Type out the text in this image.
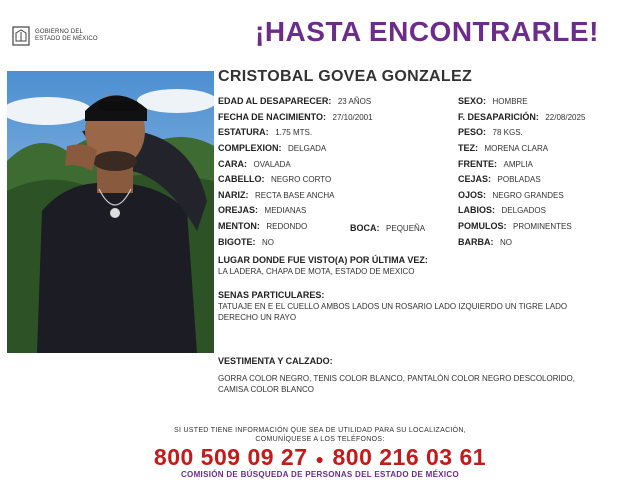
GOBIERNO DEL
ESTADO DE MÉXICO	¡HASTA ENCONTRARLE!
CRISTOBAL GOVEA GONZALEZ
EDAD AL DESAPARECER: 23 AÑOS
FECHA DE NACIMIENTO: 27/10/2001
ESTATURA: 1.75 MTS.
COMPLEXION: DELGADA
CARA: OVALADA
CABELLO: NEGRO CORTO
NARIZ: RECTA BASE ANCHA
OREJAS: MEDIANAS
MENTON: REDONDO	BOCA: PEQUEÑA
BIGOTE: NO
SEXO: HOMBRE
F. DESAPARICIÓN: 22/08/2025
PESO: 78 KGS.
TEZ: MORENA CLARA
FRENTE: AMPLIA
CEJAS: POBLADAS
OJOS: NEGRO GRANDES
LABIOS: DELGADOS
POMULOS: PROMINENTES
BARBA: NO
LUGAR DONDE FUE VISTO(A) POR ÚLTIMA VEZ:
LA LADERA, CHAPA DE MOTA, ESTADO DE MEXICO
SENAS PARTICULARES:
TATUAJE EN E EL CUELLO AMBOS LADOS UN ROSARIO LADO IZQUIERDO UN TIGRE LADO DERECHO UN RAYO
VESTIMENTA Y CALZADO:
GORRA COLOR NEGRO, TENIS COLOR BLANCO, PANTALÓN COLOR NEGRO DESCOLORIDO, CAMISA COLOR BLANCO
SI USTED TIENE INFORMACIÓN QUE SEA DE UTILIDAD PARA SU LOCALIZACIÓN,
COMUNÍQUESE A LOS TELÉFONOS:
800 509 09 27 ● 800 216 03 61
COMISIÓN DE BÚSQUEDA DE PERSONAS DEL ESTADO DE MÉXICO
